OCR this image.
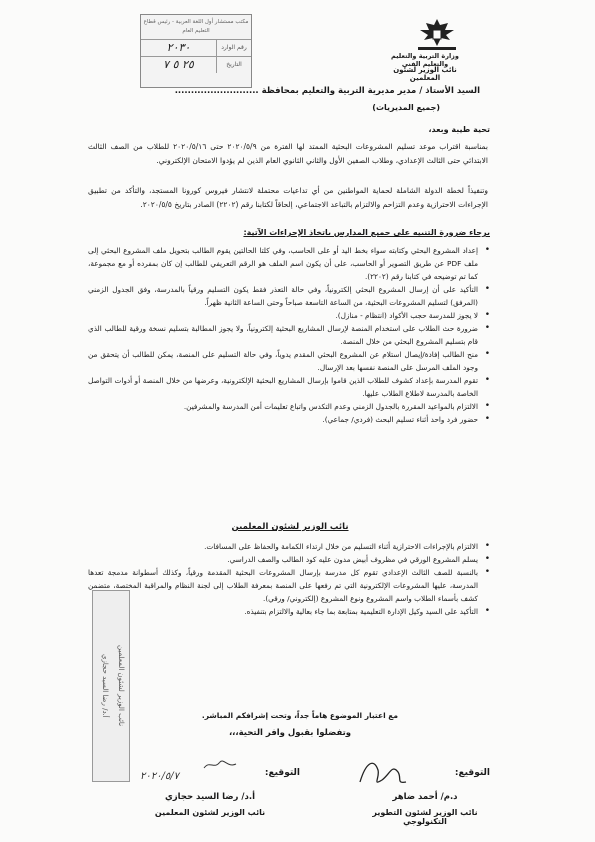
وزارة التربية والتعليم والتعليم الفني
نائب الوزير لشئون المعلمين
مكتب مستشار أول اللغة العربية - رئيس قطاع التعليم العام
رقم الوارد
٢٠٣٠
التاريخ
٢٥ ٥ ٧
السيد الأستاذ / مدير مديرية التربية والتعليم بمحافظة ..........................
(جميع المديريات)
تحية طيبة وبعد،
بمناسبة اقتراب موعد تسليم المشروعات البحثية الممتد لها الفترة من ٢٠٢٠/٥/٩ حتى ٢٠٢٠/٥/١٦ للطلاب من الصف الثالث الابتدائي حتى الثالث الإعدادي، وطلاب الصفين الأول والثاني الثانوي العام الذين لم يؤدوا الامتحان الإلكتروني.
وتنفيذاً لخطة الدولة الشاملة لحماية المواطنين من أي تداعيات محتملة لانتشار فيروس كورونا المستجد، والتأكد من تطبيق الإجراءات الاحترازية وعدم التزاحم والالتزام بالتباعد الاجتماعي، إلحاقاً لكتابنا رقم (٢٢٠٢) الصادر بتاريخ ٢٠٢٠/٥/٥.
برجاء ضرورة التنبيه على جميع المدارس باتخاذ الإجراءات الآتية:
• إعداد المشروع البحثي وكتابته سواء بخط اليد أو على الحاسب، وفي كلتا الحالتين يقوم الطالب بتحويل ملف المشروع البحثي إلى ملف PDF عن طريق التصوير أو الحاسب، على أن يكون اسم الملف هو الرقم التعريفي للطالب إن كان بمفرده أو مع مجموعة، كما تم توضيحه في كتابنا رقم (٢٢٠٢).
• التأكيد على أن إرسال المشروع البحثي إلكترونياً، وفي حالة التعذر فقط يكون التسليم ورقياً بالمدرسة، وفق الجدول الزمني (المرفق) لتسليم المشروعات البحثية، من الساعة التاسعة صباحاً وحتى الساعة الثانية ظهراً.
• لا يجوز للمدرسة حجب الأكواد (انتظام - منازل).
• ضرورة حث الطلاب على استخدام المنصة لإرسال المشاريع البحثية إلكترونياً، ولا يجوز المطالبة بتسليم نسخة ورقية للطالب الذي قام بتسليم المشروع البحثي من خلال المنصة.
• منح الطالب إفادة/إيصال استلام عن المشروع البحثي المقدم يدوياً، وفي حالة التسليم على المنصة، يمكن للطالب أن يتحقق من وجود الملف المرسل على المنصة نفسها بعد الإرسال.
• تقوم المدرسة بإعداد كشوف للطلاب الذين قاموا بإرسال المشاريع البحثية الإلكترونية، وعرضها من خلال المنصة أو أدوات التواصل الخاصة بالمدرسة لاطلاع الطلاب عليها.
• الالتزام بالمواعيد المقررة بالجدول الزمني وعدم التكدس واتباع تعليمات أمن المدرسة والمشرفين.
• حضور فرد واحد أثناء تسليم البحث (فردي/ جماعي).
نائب الوزير لشئون المعلمين
• الالتزام بالإجراءات الاحترازية أثناء التسليم من خلال ارتداء الكمامة والحفاظ على المسافات.
• يسلم المشروع الورقي في مظروف أبيض مدون عليه كود الطالب والصف الدراسي.
• بالنسبة للصف الثالث الإعدادي تقوم كل مدرسة بإرسال المشروعات البحثية المقدمة ورقياً، وكذلك أسطوانة مدمجة تعدها المدرسة، عليها المشروعات الإلكترونية التي تم رفعها على المنصة بمعرفة الطلاب إلى لجنة النظام والمراقبة المختصة، متضمن كشف بأسماء الطلاب واسم المشروع ونوع المشروع (إلكتروني/ ورقي).
• التأكيد على السيد وكيل الإدارة التعليمية بمتابعة بما جاء بعالية والالتزام بتنفيذه.
نائب الوزير لشئون المعلمين
أ.د/ رضا السيد حجازي	مع اعتبار الموضوع هاماً جداً، وتحت إشرافكم المباشر.
وتفضلوا بقبول وافر التحية،،،
التوقيع:
د.م/ أحمد ضاهر
نائب الوزير لشئون التطوير التكنولوجي
التوقيع:
أ.د/ رضا السيد حجازي
نائب الوزير لشئون المعلمين
٢٠٢٠/٥/٧
